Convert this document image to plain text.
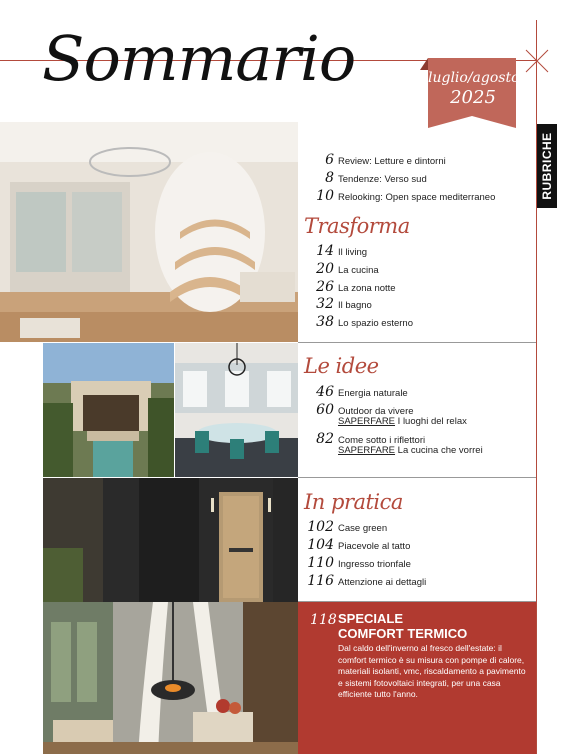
Sommario	luglio/agosto
2025
RUBRICHE
6 Review: Letture e dintorni
8 Tendenze: Verso sud
10 Relooking: Open space mediterraneo
Trasforma
14 Il living
20 La cucina
26 La zona notte
32 Il bagno
38 Lo spazio esterno
Le idee
46 Energia naturale
60 Outdoor da vivere
SAPERFARE I luoghi del relax
82 Come sotto i riflettori
SAPERFARE La cucina che vorrei
In pratica
102 Case green
104 Piacevole al tatto
110 Ingresso trionfale
116 Attenzione ai dettagli
118 SPECIALE
COMFORT TERMICO
Dal caldo dell'inverno al fresco dell'estate: il comfort termico è su misura con pompe di calore, materiali isolanti, vmc, riscaldamento a pavimento e sistemi fotovoltaici integrati, per una casa efficiente tutto l'anno.
